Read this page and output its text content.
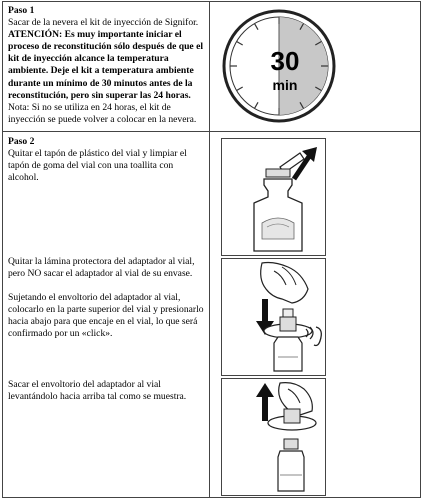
Paso 1
Sacar de la nevera el kit de inyección de Signifor.
ATENCIÓN: Es muy importante iniciar el proceso de reconstitución sólo después de que el kit de inyección alcance la temperatura ambiente. Deje el kit a temperatura ambiente durante un mínimo de 30 minutos antes de la reconstitución, pero sin superar las 24 horas.
Nota: Si no se utiliza en 24 horas, el kit de inyección se puede volver a colocar en la nevera.
30
min
Paso 2
Quitar el tapón de plástico del vial y limpiar el tapón de goma del vial con una toallita con alcohol.
Quitar la lámina protectora del adaptador al vial, pero NO sacar el adaptador al vial de su envase.
Sujetando el envoltorio del adaptador al vial, colocarlo en la parte superior del vial y presionarlo hacia abajo para que encaje en el vial, lo que será confirmado por un «click».
Sacar el envoltorio del adaptador al vial levantándolo hacia arriba tal como se muestra.
